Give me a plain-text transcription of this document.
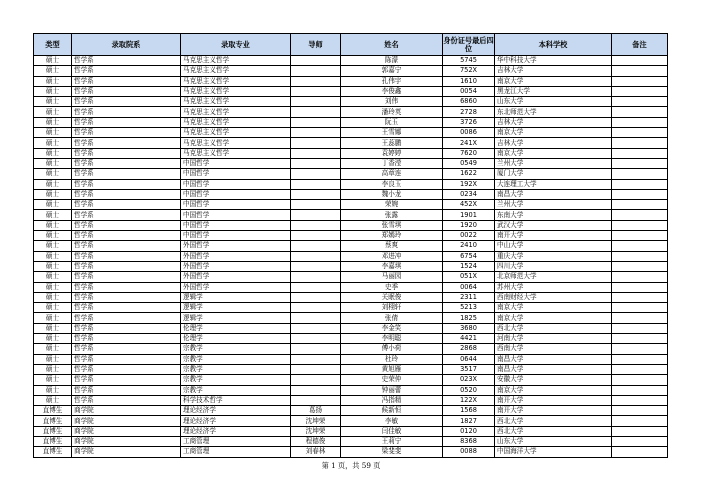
类型	录取院系	录取专业	导师	姓名	身份证号最后四位	本科学校	备注
硕士	哲学系	马克思主义哲学		陈濛	5745	华中科技大学	
硕士	哲学系	马克思主义哲学		郭嘉宁	752X	吉林大学	
硕士	哲学系	马克思主义哲学		孔伟宇	1610	南京大学	
硕士	哲学系	马克思主义哲学		李俊鑫	0054	黑龙江大学	
硕士	哲学系	马克思主义哲学		刘伟	6860	山东大学	
硕士	哲学系	马克思主义哲学		潘玲英	2728	东北师范大学	
硕士	哲学系	马克思主义哲学		阮玉	3726	吉林大学	
硕士	哲学系	马克思主义哲学		王雪娜	0086	南京大学	
硕士	哲学系	马克思主义哲学		王蕊鹏	241X	吉林大学	
硕士	哲学系	马克思主义哲学		袁婷婷	7620	南京大学	
硕士	哲学系	中国哲学		丁香滢	0549	兰州大学	
硕士	哲学系	中国哲学		高章连	1622	厦门大学	
硕士	哲学系	中国哲学		李良玉	192X	大连理工大学	
硕士	哲学系	中国哲学		魏小龙	0234	南昌大学	
硕士	哲学系	中国哲学		荣婉	452X	兰州大学	
硕士	哲学系	中国哲学		张露	1901	东南大学	
硕士	哲学系	中国哲学		张雪琪	1920	武汉大学	
硕士	哲学系	中国哲学		郑嫣玲	0022	南开大学	
硕士	哲学系	外国哲学		蔡爽	2410	中山大学	
硕士	哲学系	外国哲学		邓进冲	6754	重庆大学	
硕士	哲学系	外国哲学		李嘉琪	1524	四川大学	
硕士	哲学系	外国哲学		马丽园	051X	北京师范大学	
硕士	哲学系	外国哲学		史季	0064	苏州大学	
硕士	哲学系	逻辑学		关眠俊	2311	西南财经大学	
硕士	哲学系	逻辑学		刘栩轩	5213	南京大学	
硕士	哲学系	逻辑学		张倩	1825	南京大学	
硕士	哲学系	伦理学		李金笑	3680	西北大学	
硕士	哲学系	伦理学		李明聪	4421	河南大学	
硕士	哲学系	宗教学		傅小荷	2868	西南大学	
硕士	哲学系	宗教学		杜玲	0644	南昌大学	
硕士	哲学系	宗教学		黄旭雁	3517	南昌大学	
硕士	哲学系	宗教学		史荣仲	023X	安徽大学	
硕士	哲学系	宗教学		钟丽蕾	0520	南京大学	
硕士	哲学系	科学技术哲学		冯指精	122X	南开大学	
直博生	商学院	理论经济学	葛扬	候新恒	1568	南开大学	
直博生	商学院	理论经济学	沈坤荣	李敏	1827	西北大学	
直博生	商学院	理论经济学	沈坤荣	闫佳敏	0120	西北大学	
直博生	商学院	工商管理	程德俊	王莉宁	8368	山东大学	
直博生	商学院	工商管理	刘春林	梁斐斐	0088	中国海洋大学	
第 1 页，共 59 页
